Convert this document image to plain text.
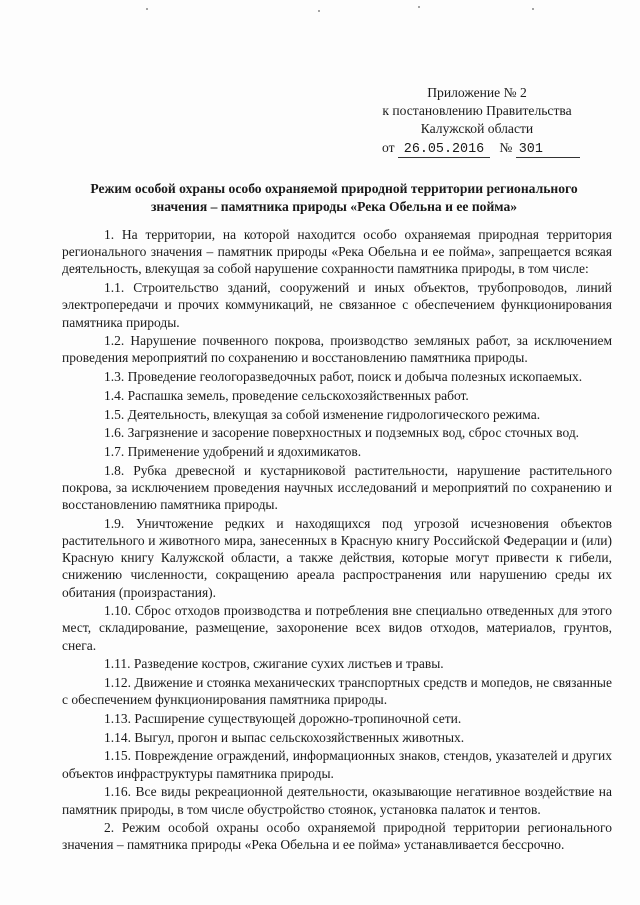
Приложение № 2
к постановлению Правительства
Калужской области
от 26.05.2016 № 301
Режим особой охраны особо охраняемой природной территории регионального
значения – памятника природы «Река Обельна и ее пойма»

1. На территории, на которой находится особо охраняемая природная территория регионального значения – памятник природы «Река Обельна и ее пойма», запрещается всякая деятельность, влекущая за собой нарушение сохранности памятника природы, в том числе:

1.1. Строительство зданий, сооружений и иных объектов, трубопроводов, линий электропередачи и прочих коммуникаций, не связанное с обеспечением функционирования памятника природы.

1.2. Нарушение почвенного покрова, производство земляных работ, за исключением проведения мероприятий по сохранению и восстановлению памятника природы.

1.3. Проведение геологоразведочных работ, поиск и добыча полезных ископаемых.

1.4. Распашка земель, проведение сельскохозяйственных работ.

1.5. Деятельность, влекущая за собой изменение гидрологического режима.

1.6. Загрязнение и засорение поверхностных и подземных вод, сброс сточных вод.

1.7. Применение удобрений и ядохимикатов.

1.8. Рубка древесной и кустарниковой растительности, нарушение растительного покрова, за исключением проведения научных исследований и мероприятий по сохранению и восстановлению памятника природы.

1.9. Уничтожение редких и находящихся под угрозой исчезновения объектов растительного и животного мира, занесенных в Красную книгу Российской Федерации и (или) Красную книгу Калужской области, а также действия, которые могут привести к гибели, снижению численности, сокращению ареала распространения или нарушению среды их обитания (произрастания).

1.10. Сброс отходов производства и потребления вне специально отведенных для этого мест, складирование, размещение, захоронение всех видов отходов, материалов, грунтов, снега.

1.11. Разведение костров, сжигание сухих листьев и травы.

1.12. Движение и стоянка механических транспортных средств и мопедов, не связанные с обеспечением функционирования памятника природы.

1.13. Расширение существующей дорожно-тропиночной сети.

1.14. Выгул, прогон и выпас сельскохозяйственных животных.

1.15. Повреждение ограждений, информационных знаков, стендов, указателей и других объектов инфраструктуры памятника природы.

1.16. Все виды рекреационной деятельности, оказывающие негативное воздействие на памятник природы, в том числе обустройство стоянок, установка палаток и тентов.

2. Режим особой охраны особо охраняемой природной территории регионального значения – памятника природы «Река Обельна и ее пойма» устанавливается бессрочно.
